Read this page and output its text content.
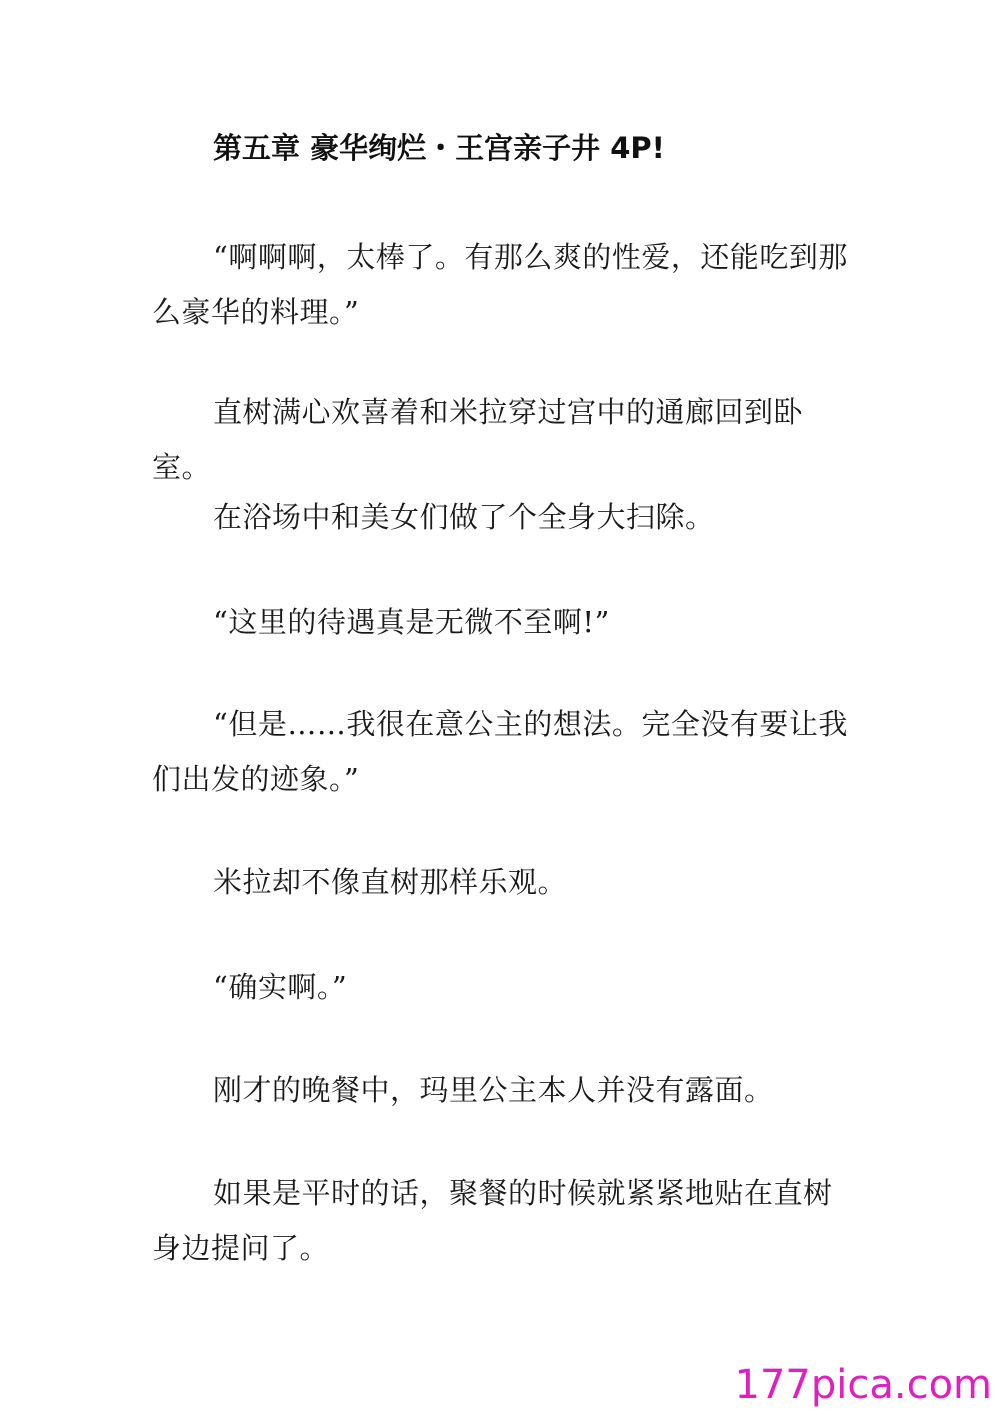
第五章 豪华绚烂・王宫亲子井 4P!

“啊啊啊，太棒了。有那么爽的性爱，还能吃到那么豪华的料理。”

直树满心欢喜着和米拉穿过宫中的通廊回到卧室。

在浴场中和美女们做了个全身大扫除。

“这里的待遇真是无微不至啊!”

“但是……我很在意公主的想法。完全没有要让我们出发的迹象。”

米拉却不像直树那样乐观。

“确实啊。”

刚才的晚餐中，玛里公主本人并没有露面。

如果是平时的话，聚餐的时候就紧紧地贴在直树身边提问了。

177pica.com
